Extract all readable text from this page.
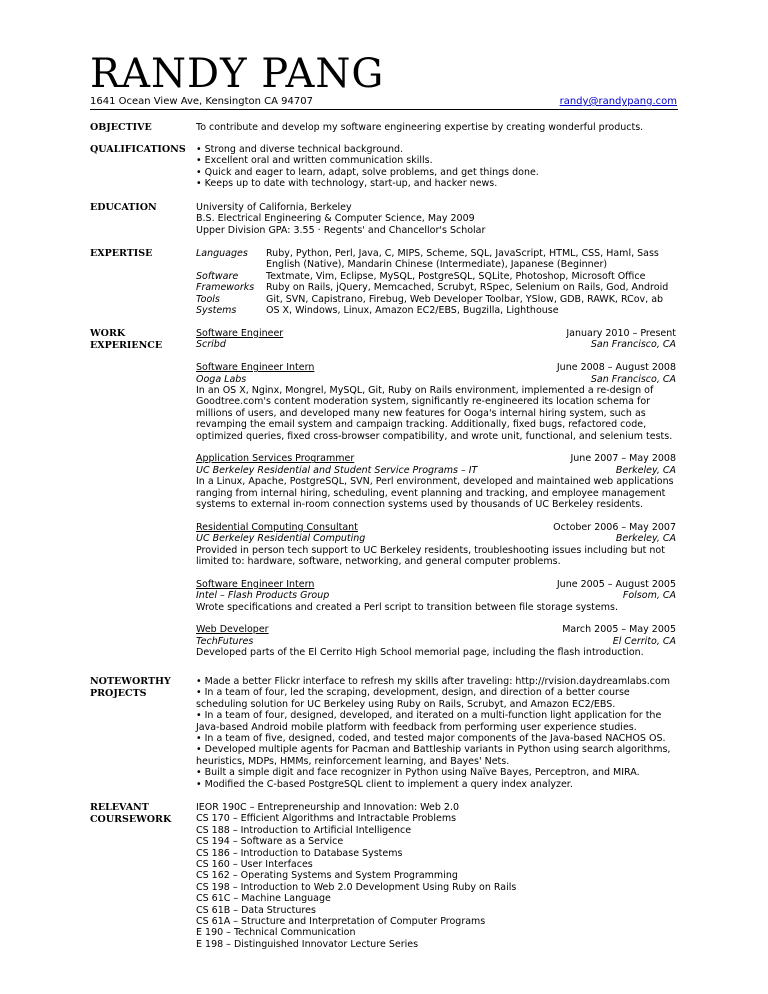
RANDY PANG
1641 Ocean View Ave, Kensington CA 94707	randy@randypang.com
OBJECTIVE	To contribute and develop my software engineering expertise by creating wonderful products.
QUALIFICATIONS • Strong and diverse technical background.
• Excellent oral and written communication skills.
• Quick and eager to learn, adapt, solve problems, and get things done.
• Keeps up to date with technology, start-up, and hacker news.
EDUCATION	University of California, Berkeley
B.S. Electrical Engineering & Computer Science, May 2009
Upper Division GPA: 3.55 · Regents' and Chancellor's Scholar
EXPERTISE	Languages	Ruby, Python, Perl, Java, C, MIPS, Scheme, SQL, JavaScript, HTML, CSS, Haml, Sass English (Native), Mandarin Chinese (Intermediate), Japanese (Beginner)
Software	Textmate, Vim, Eclipse, MySQL, PostgreSQL, SQLite, Photoshop, Microsoft Office
Frameworks	Ruby on Rails, jQuery, Memcached, Scrubyt, RSpec, Selenium on Rails, God, Android
Tools	Git, SVN, Capistrano, Firebug, Web Developer Toolbar, YSlow, GDB, RAWK, RCov, ab
Systems	OS X, Windows, Linux, Amazon EC2/EBS, Bugzilla, Lighthouse
WORK
EXPERIENCE
Software Engineer	January 2010 – Present
Scribd	San Francisco, CA
Software Engineer Intern	June 2008 – August 2008
Ooga Labs	San Francisco, CA
In an OS X, Nginx, Mongrel, MySQL, Git, Ruby on Rails environment, implemented a re-design of Goodtree.com's content moderation system, significantly re-engineered its location schema for millions of users, and developed many new features for Ooga's internal hiring system, such as revamping the email system and campaign tracking. Additionally, fixed bugs, refactored code, optimized queries, fixed cross-browser compatibility, and wrote unit, functional, and selenium tests.
Application Services Programmer	June 2007 – May 2008
UC Berkeley Residential and Student Service Programs – IT	Berkeley, CA
In a Linux, Apache, PostgreSQL, SVN, Perl environment, developed and maintained web applications ranging from internal hiring, scheduling, event planning and tracking, and employee management systems to external in-room connection systems used by thousands of UC Berkeley residents.
Residential Computing Consultant	October 2006 – May 2007
UC Berkeley Residential Computing	Berkeley, CA
Provided in person tech support to UC Berkeley residents, troubleshooting issues including but not limited to: hardware, software, networking, and general computer problems.
Software Engineer Intern	June 2005 – August 2005
Intel – Flash Products Group	Folsom, CA
Wrote specifications and created a Perl script to transition between file storage systems.
Web Developer	March 2005 – May 2005
TechFutures	El Cerrito, CA
Developed parts of the El Cerrito High School memorial page, including the flash introduction.
NOTEWORTHY
PROJECTS
• Made a better Flickr interface to refresh my skills after traveling: http://rvision.daydreamlabs.com
• In a team of four, led the scraping, development, design, and direction of a better course scheduling solution for UC Berkeley using Ruby on Rails, Scrubyt, and Amazon EC2/EBS.
• In a team of four, designed, developed, and iterated on a multi-function light application for the Java-based Android mobile platform with feedback from performing user experience studies.
• In a team of five, designed, coded, and tested major components of the Java-based NACHOS OS.
• Developed multiple agents for Pacman and Battleship variants in Python using search algorithms, heuristics, MDPs, HMMs, reinforcement learning, and Bayes' Nets.
• Built a simple digit and face recognizer in Python using Naïve Bayes, Perceptron, and MIRA.
• Modified the C-based PostgreSQL client to implement a query index analyzer.
RELEVANT
COURSEWORK
IEOR 190C – Entrepreneurship and Innovation: Web 2.0
CS 170 – Efficient Algorithms and Intractable Problems
CS 188 – Introduction to Artificial Intelligence
CS 194 – Software as a Service
CS 186 – Introduction to Database Systems
CS 160 – User Interfaces
CS 162 – Operating Systems and System Programming
CS 198 – Introduction to Web 2.0 Development Using Ruby on Rails
CS 61C – Machine Language
CS 61B – Data Structures
CS 61A – Structure and Interpretation of Computer Programs
E 190 – Technical Communication
E 198 – Distinguished Innovator Lecture Series
